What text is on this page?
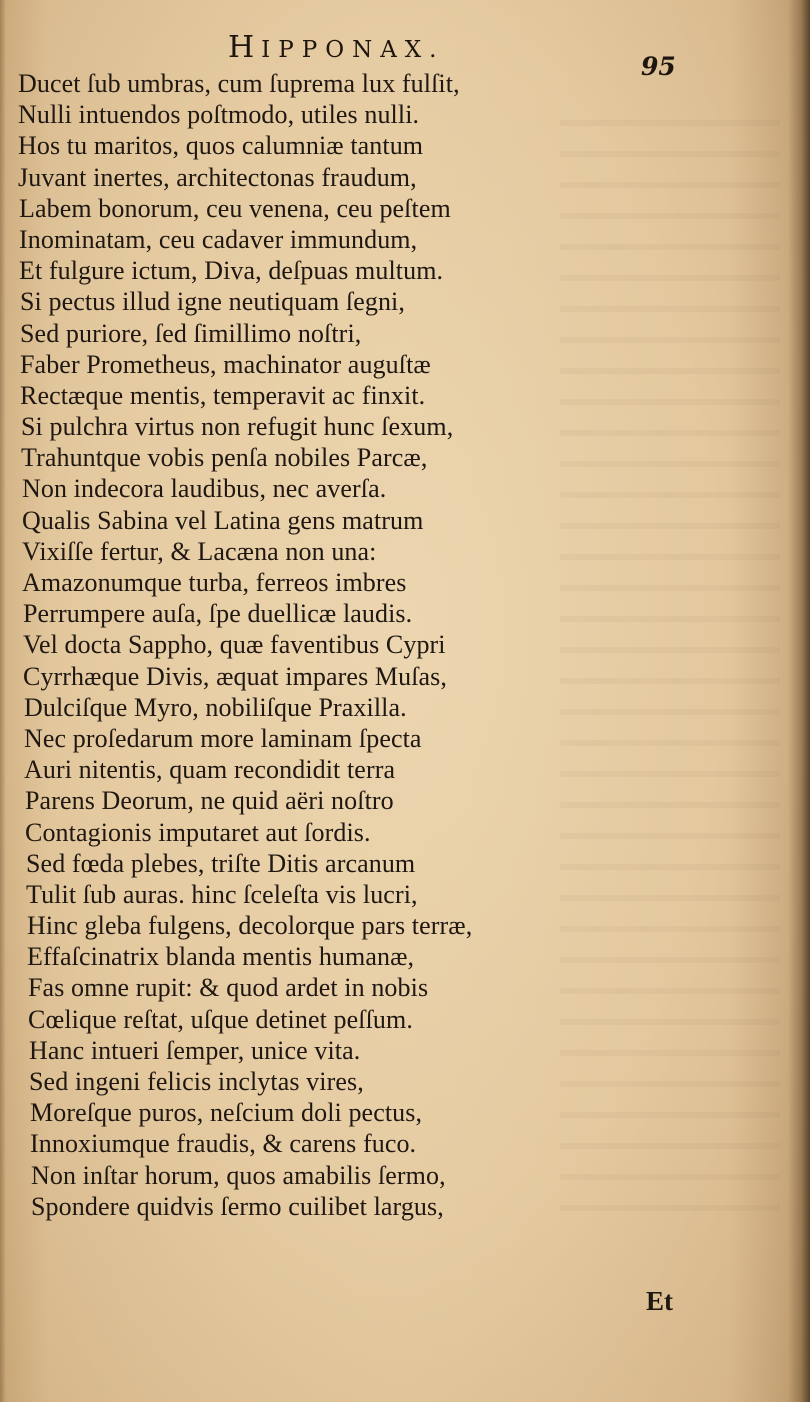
HIPPONAX.
95
Ducet ſub umbras, cum ſuprema lux fulſit,
Nulli intuendos poſtmodo, utiles nulli.
Hos tu maritos, quos calumniæ tantum
Juvant inertes, architectonas fraudum,
Labem bonorum, ceu venena, ceu peſtem
Inominatam, ceu cadaver immundum,
Et fulgure ictum, Diva, deſpuas multum.
Si pectus illud igne neutiquam ſegni,
Sed puriore, ſed ſimillimo noſtri,
Faber Prometheus, machinator auguſtæ
Rectæque mentis, temperavit ac finxit.
Si pulchra virtus non refugit hunc ſexum,
Trahuntque vobis penſa nobiles Parcæ,
Non indecora laudibus, nec averſa.
Qualis Sabina vel Latina gens matrum
Vixiſſe fertur, & Lacæna non una:
Amazonumque turba, ferreos imbres
Perrumpere auſa, ſpe duellicæ laudis.
Vel docta Sappho, quæ faventibus Cypri
Cyrrhæque Divis, æquat impares Muſas,
Dulciſque Myro, nobiliſque Praxilla.
Nec proſedarum more laminam ſpecta
Auri nitentis, quam recondidit terra
Parens Deorum, ne quid aëri noſtro
Contagionis imputaret aut ſordis.
Sed fœda plebes, triſte Ditis arcanum
Tulit ſub auras. hinc ſceleſta vis lucri,
Hinc gleba fulgens, decolorque pars terræ,
Effaſcinatrix blanda mentis humanæ,
Fas omne rupit: & quod ardet in nobis
Cœlique reſtat, uſque detinet peſſum.
Hanc intueri ſemper, unice vita.
Sed ingeni felicis inclytas vires,
Moreſque puros, neſcium doli pectus,
Innoxiumque fraudis, & carens fuco.
Non inſtar horum, quos amabilis ſermo,
Spondere quidvis ſermo cuilibet largus,
Et
